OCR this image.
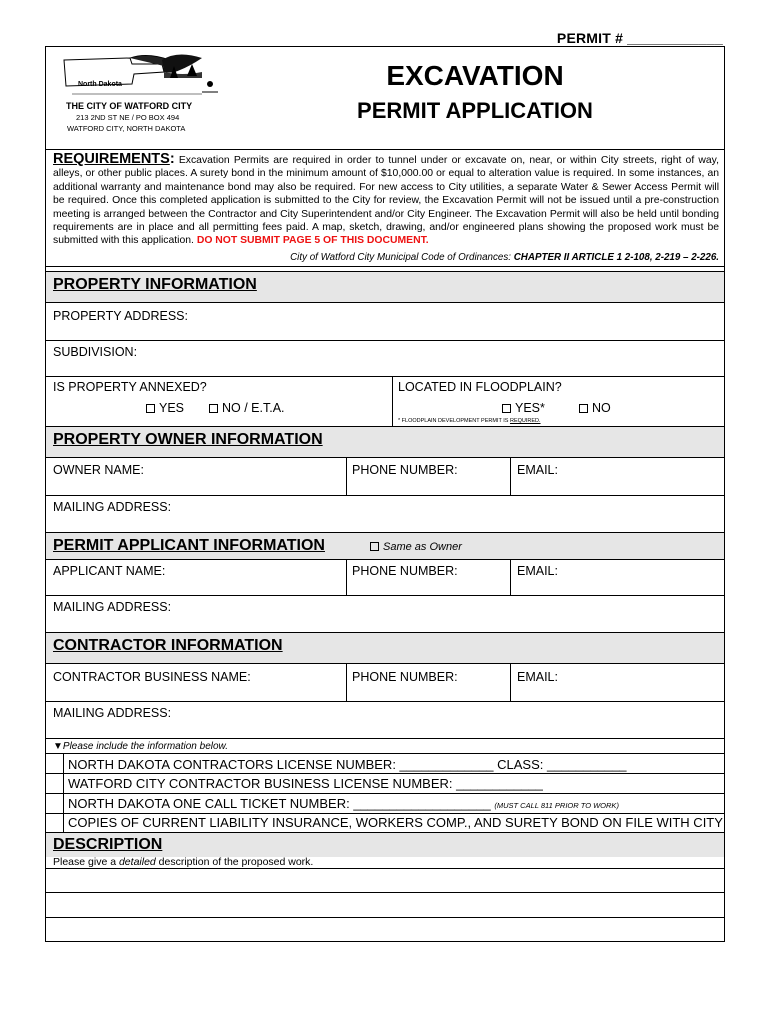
PERMIT # ____________
North Dakota
THE CITY OF WATFORD CITY
213 2ND ST NE / PO BOX 494
WATFORD CITY, NORTH DAKOTA
EXCAVATION
PERMIT APPLICATION
REQUIREMENTS: Excavation Permits are required in order to tunnel under or excavate on, near, or within City streets, right of way, alleys, or other public places. A surety bond in the minimum amount of $10,000.00 or equal to alteration value is required. In some instances, an additional warranty and maintenance bond may also be required. For new access to City utilities, a separate Water & Sewer Access Permit will be required. Once this completed application is submitted to the City for review, the Excavation Permit will not be issued until a pre-construction meeting is arranged between the Contractor and City Superintendent and/or City Engineer. The Excavation Permit will also be held until bonding requirements are in place and all permitting fees paid. A map, sketch, drawing, and/or engineered plans showing the proposed work must be submitted with this application. DO NOT SUBMIT PAGE 5 OF THIS DOCUMENT.
City of Watford City Municipal Code of Ordinances: CHAPTER II ARTICLE 1 2-108, 2-219 – 2-226.
PROPERTY INFORMATION
PROPERTY ADDRESS:
SUBDIVISION:
IS PROPERTY ANNEXED?
YES	NO / E.T.A.
LOCATED IN FLOODPLAIN?
YES*	NO
* FLOODPLAIN DEVELOPMENT PERMIT IS REQUIRED.
PROPERTY OWNER INFORMATION
OWNER NAME:	PHONE NUMBER:	EMAIL:
MAILING ADDRESS:
PERMIT APPLICANT INFORMATION	Same as Owner
APPLICANT NAME:	PHONE NUMBER:	EMAIL:
MAILING ADDRESS:
CONTRACTOR INFORMATION
CONTRACTOR BUSINESS NAME:	PHONE NUMBER:	EMAIL:
MAILING ADDRESS:
▼Please include the information below.
NORTH DAKOTA CONTRACTORS LICENSE NUMBER: _____________ CLASS: ___________
WATFORD CITY CONTRACTOR BUSINESS LICENSE NUMBER: ____________
NORTH DAKOTA ONE CALL TICKET NUMBER: ___________________ (MUST CALL 811 PRIOR TO WORK)
COPIES OF CURRENT LIABILITY INSURANCE, WORKERS COMP., AND SURETY BOND ON FILE WITH CITY
DESCRIPTION
Please give a detailed description of the proposed work.
